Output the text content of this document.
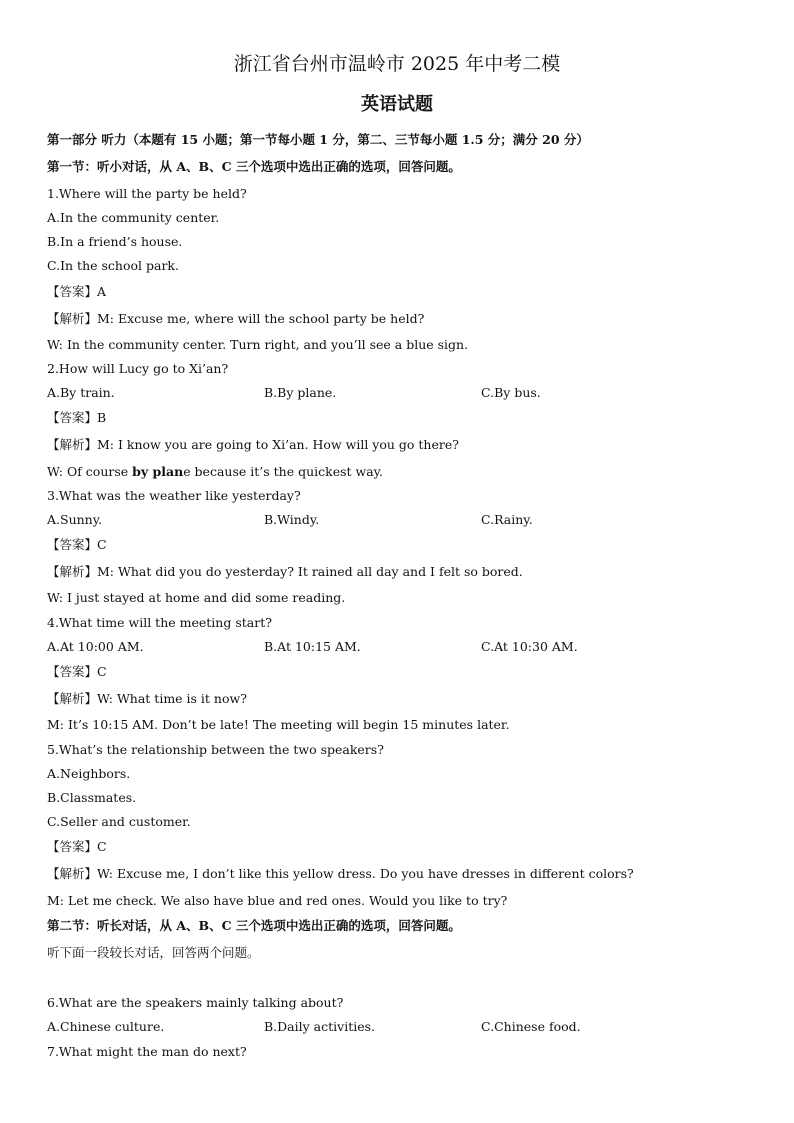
浙江省台州市温岭市 2025 年中考二模
英语试题
第一部分 听力（本题有 15 小题；第一节每小题 1 分，第二、三节每小题 1.5 分；满分 20 分）
第一节：听小对话，从 A、B、C 三个选项中选出正确的选项，回答问题。
1.Where will the party be held?
A.In the community center.
B.In a friend’s house.
C.In the school park.
【答案】A
【解析】M: Excuse me, where will the school party be held?
W: In the community center. Turn right, and you’ll see a blue sign.
2.How will Lucy go to Xi’an?
A.By train.	B.By plane.	C.By bus.
【答案】B
【解析】M: I know you are going to Xi’an. How will you go there?
W: Of course by plane because it’s the quickest way.
3.What was the weather like yesterday?
A.Sunny.	B.Windy.	C.Rainy.
【答案】C
【解析】M: What did you do yesterday? It rained all day and I felt so bored.
W: I just stayed at home and did some reading.
4.What time will the meeting start?
A.At 10:00 AM.	B.At 10:15 AM.	C.At 10:30 AM.
【答案】C
【解析】W: What time is it now?
M: It’s 10:15 AM. Don’t be late! The meeting will begin 15 minutes later.
5.What’s the relationship between the two speakers?
A.Neighbors.
B.Classmates.
C.Seller and customer.
【答案】C
【解析】W: Excuse me, I don’t like this yellow dress. Do you have dresses in different colors?
M: Let me check. We also have blue and red ones. Would you like to try?
第二节：听长对话，从 A、B、C 三个选项中选出正确的选项，回答问题。
听下面一段较长对话，回答两个问题。
6.What are the speakers mainly talking about?
A.Chinese culture.	B.Daily activities.	C.Chinese food.
7.What might the man do next?
